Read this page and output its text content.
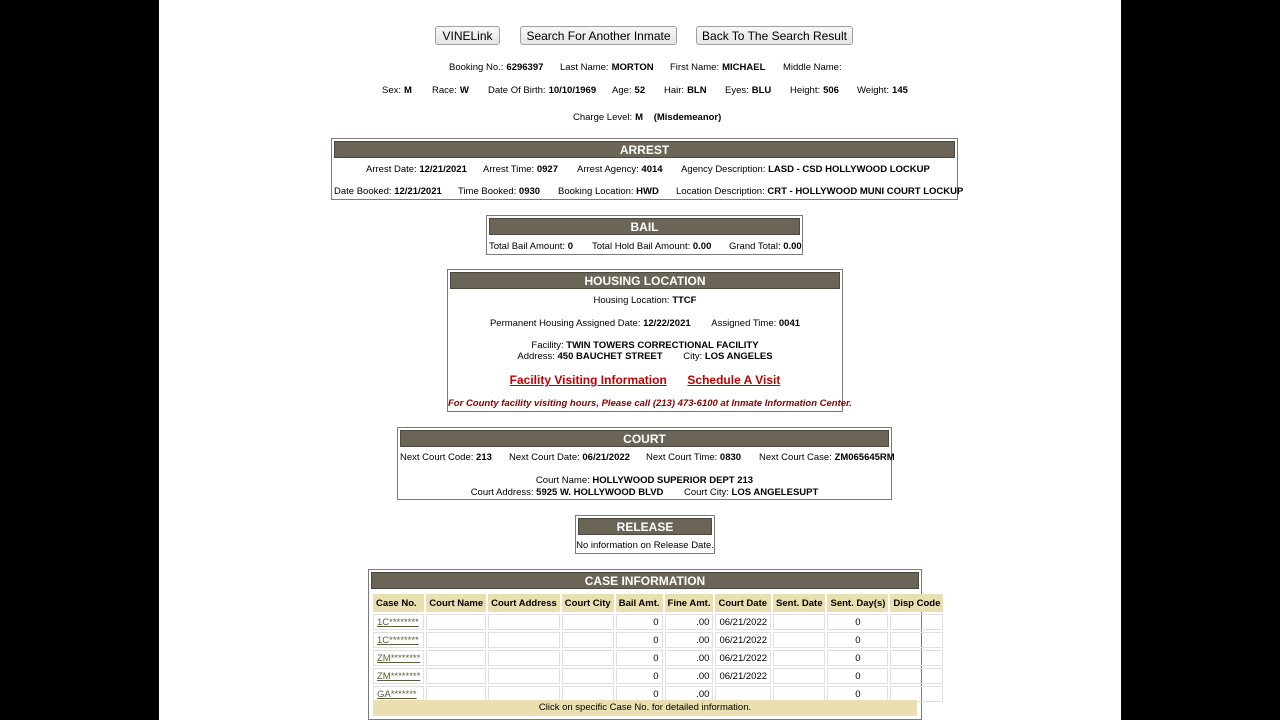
VINELink	Search For Another Inmate	Back To The Search Result
Booking No.: 6296397 Last Name: MORTON First Name: MICHAEL Middle Name:
Sex: M Race: W Date Of Birth: 10/10/1969 Age: 52 Hair: BLN Eyes: BLU Height: 506 Weight: 145
Charge Level: M (Misdemeanor)
ARREST
Arrest Date: 12/21/2021 Arrest Time: 0927 Arrest Agency: 4014 Agency Description: LASD - CSD HOLLYWOOD LOCKUP
Date Booked: 12/21/2021 Time Booked: 0930 Booking Location: HWD Location Description: CRT - HOLLYWOOD MUNI COURT LOCKUP
BAIL
Total Bail Amount: 0 Total Hold Bail Amount: 0.00 Grand Total: 0.00
HOUSING LOCATION
Housing Location: TTCF
Permanent Housing Assigned Date: 12/22/2021 Assigned Time: 0041
Facility: TWIN TOWERS CORRECTIONAL FACILITY
Address: 450 BAUCHET STREET City: LOS ANGELES
Facility Visiting Information Schedule A Visit
For County facility visiting hours, Please call (213) 473-6100 at Inmate Information Center.
COURT
Next Court Code: 213 Next Court Date: 06/21/2022 Next Court Time: 0830 Next Court Case: ZM065645RM
Court Name: HOLLYWOOD SUPERIOR DEPT 213
Court Address: 5925 W. HOLLYWOOD BLVD Court City: LOS ANGELESUPT
RELEASE
No information on Release Date.
CASE INFORMATION
Case No.	Court Name	Court Address	Court City	Bail Amt.	Fine Amt.	Court Date	Sent. Date	Sent. Day(s)	Disp Code
1C********				0	.00	06/21/2022		0	
1C********				0	.00	06/21/2022		0	
ZM********				0	.00	06/21/2022		0	
ZM********				0	.00	06/21/2022		0	
GA*******				0	.00			0	
Click on specific Case No. for detailed information.
